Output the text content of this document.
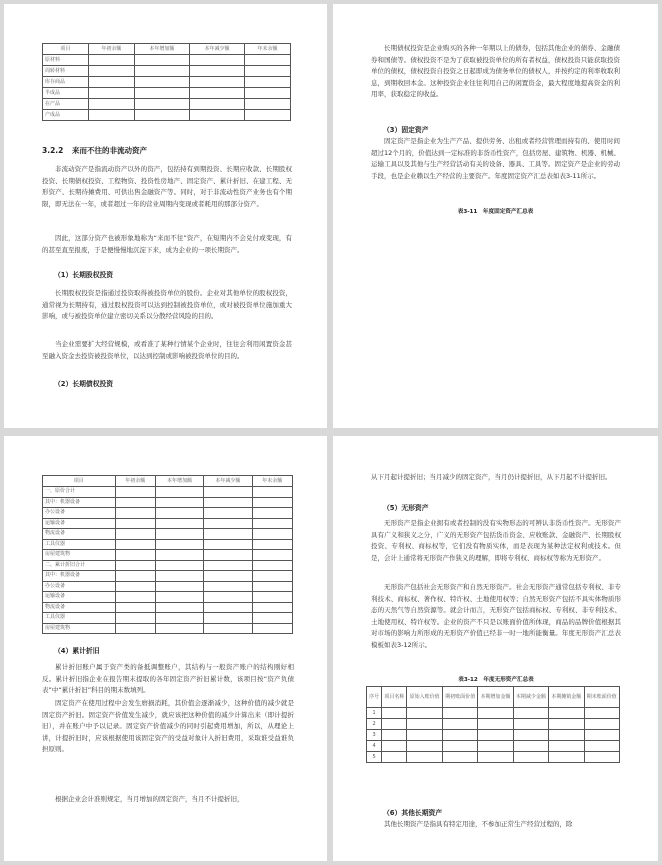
项目	年初余额	本年增加额	本年减少额	年末余额
原材料				
周转材料				
库存商品				
半成品				
在产品				
产成品				
3.2.2 来而不往的非流动资产

非流动资产是指流动资产以外的资产，包括持有到期投资、长期应收款、长期股权投资、长期债权投资、工程物资、投资性房地产、固定资产、累计折旧、在建工程、无形资产、长期待摊费用、可供出售金融资产等。同时，对于非流动性资产业务也有个期限，即无法在一年，或者超过一年的营业周期内变现或者耗用的那部分资产。

因此，这部分资产也被形象地称为“来而不往”资产，在短期内不会兑付或变现，有的甚至直至报废，于是便慢慢地沉淀下来，成为企业的一项长期资产。

（1）长期股权投资

长期股权投资是指通过投资取得被投资单位的股份。企业对其他单位的股权投资，通常视为长期持有，通过股权投资可以达到控制被投资单位，或对被投资单位施加重大影响，或与被投资单位建立密切关系以分散经营风险的目的。

当企业需要扩大经营规模，或看准了某种行情某个企业时，往往会利用闲置资金甚至融入资金去投资被投资单位，以达到控制或影响被投资单位的目的。

（2）长期债权投资

长期债权投资是企业购买的各种一年期以上的债券，包括其他企业的债券、金融债券和国债等。债权投资不是为了获取被投资单位的所有者权益，债权投资只能获取投资单位的债权，债权投资自投资之日起即成为债务单位的债权人，并按约定的利率收取利息，到期收回本金。这种投资企业往往利用自己的闲置资金，最大程度地提高资金的利用率，获取稳定的收益。

（3）固定资产

固定资产是指企业为生产产品、提供劳务、出租或者经营管理而持有的、使用时间超过12个月的，价值达到一定标准的非货币性资产，包括房屋、建筑物、机器、机械、运输工具以及其他与生产经营活动有关的设备、器具、工具等。固定资产是企业的劳动手段，也是企业赖以生产经营的主要资产。年度固定资产汇总表如表3-11所示。

表3-11　年度固定资产汇总表
项目	年初余额	本年增加额	本年减少额	年末余额
一、原价合计				
其中：机器设备				
办公设备				
运输设备				
物流设备				
工具仪器				
房屋建筑物				
二、累计折旧合计				
其中：机器设备				
办公设备				
运输设备				
物流设备				
工具仪器				
房屋建筑物				
（4）累计折旧

累计折旧账户属于资产类的备抵调整账户，其结构与一般资产账户的结构刚好相反。累计折旧指企业在报告期末提取的各年固定资产折旧累计数，该项目按“资产负债表”中“累计折旧”科目的期末数填列。

固定资产在使用过程中会发生磨损消耗，其价值会逐渐减少，这种价值的减少就是固定资产折旧。固定资产价值发生减少，就应该把这种价值的减少计算出来（即计提折旧），并在账户中予以记录。固定资产价值减少的同时引起费用增加，所以，从理论上讲，计提折旧时，应该根据使用该固定资产的受益对象计入折旧费用，采取谁受益谁负担原则。

根据企业会计准则规定，当月增加的固定资产，当月不计提折旧，

从下月起计提折旧；当月减少的固定资产，当月仍计提折旧，从下月起不计提折旧。

（5）无形资产

无形资产是指企业拥有或者控制的没有实物形态的可辨认非货币性资产。无形资产具有广义和狭义之分，广义的无形资产包括货币资金、应收账款、金融资产、长期股权投资、专利权、商标权等，它们没有物质实体，而是表现为某种法定权利或技术。但是，会计上通常将无形资产作狭义的理解，即将专利权、商标权等称为无形资产。

无形资产包括社会无形资产和自然无形资产。社会无形资产通常包括专利权、非专利技术、商标权、著作权、特许权、土地使用权等；自然无形资产包括不具实体物质形态的天然气等自然资源等。就会计而言，无形资产包括商标权、专利权、非专利技术、土地使用权、特许权等。企业的资产不只是以账面价值所体现，商品的品牌价值根据其对市场的影响力所形成的无形资产价值已经非一时一地所能衡量。年度无形资产汇总表模板如表3-12所示。

表3-12　年度无形资产汇总表
序号	项目名称	原始入账价值	期初账面价值	本期增加金额	本期减少金额	本期摊销金额	期末账面价值
1							
2							
3							
4							
5							
（6）其他长期资产

其他长期资产是指具有特定用途，不参加正常生产经营过程的，除
